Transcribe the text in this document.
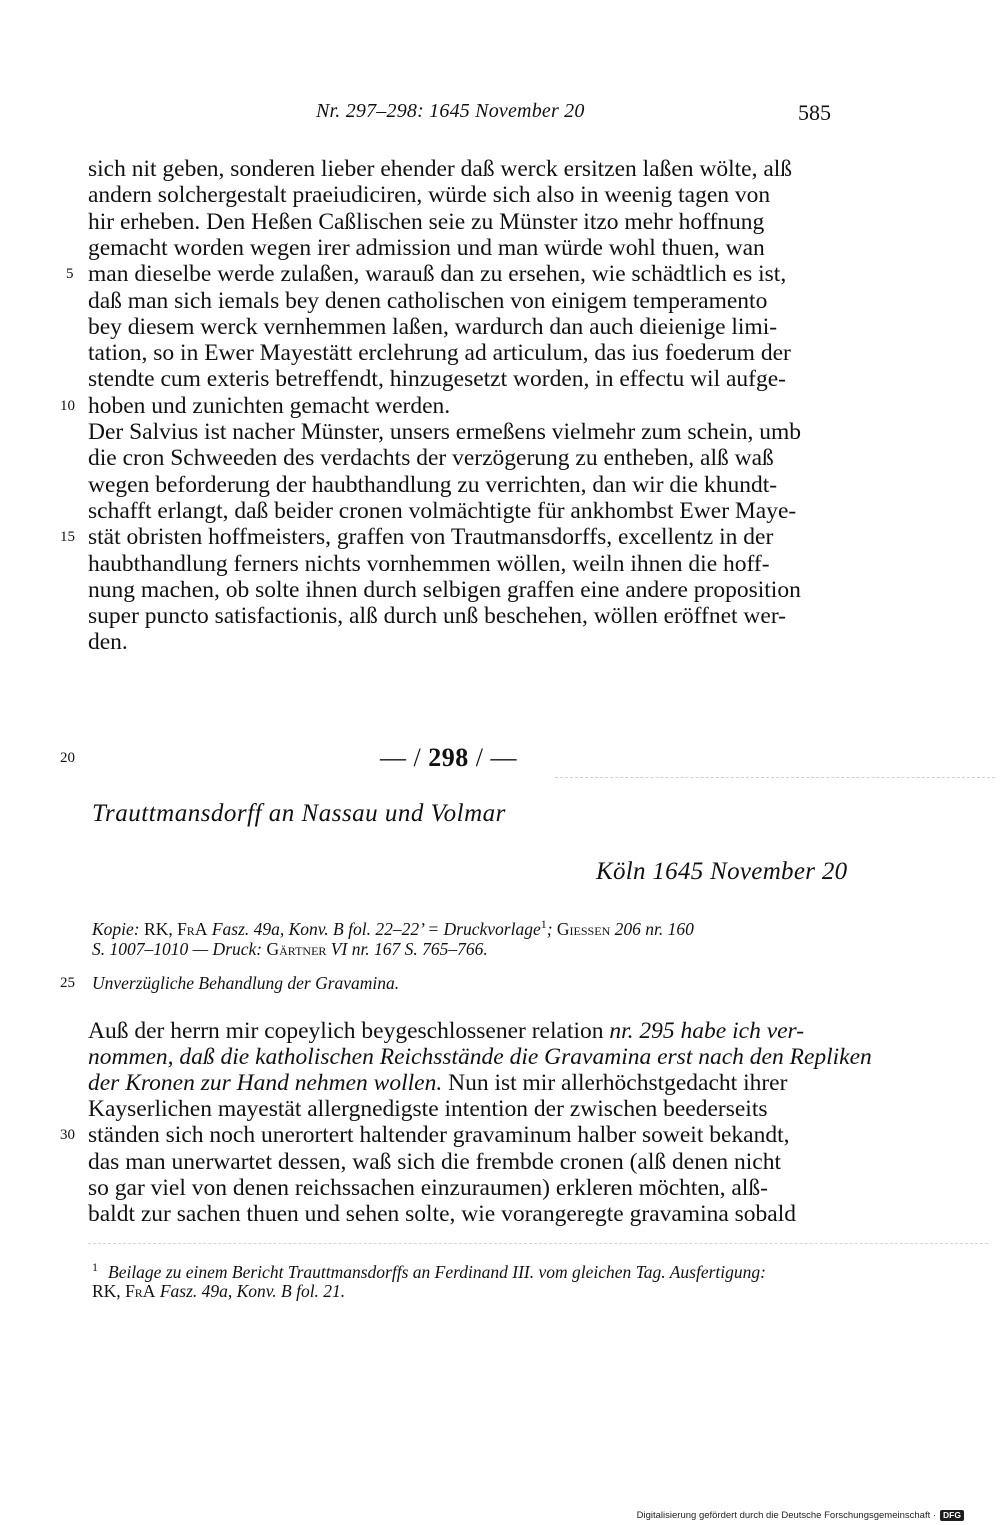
Nr. 297–298: 1645 November 20	585
sich nit geben, sonderen lieber ehender daß werck ersitzen laßen wölte, alß
andern solchergestalt praeiudiciren, würde sich also in weenig tagen von
hir erheben. Den Heßen Caßlischen seie zu Münster itzo mehr hoffnung
gemacht worden wegen irer admission und man würde wohl thuen, wan
man dieselbe werde zulaßen, warauß dan zu ersehen, wie schädtlich es ist,
5
daß man sich iemals bey denen catholischen von einigem temperamento
bey diesem werck vernhemmen laßen, wardurch dan auch dieienige limi-
tation, so in Ewer Mayestätt erclehrung ad articulum, das ius foederum der
stendte cum exteris betreffendt, hinzugesetzt worden, in effectu wil aufge-
hoben und zunichten gemacht werden.
10
Der Salvius ist nacher Münster, unsers ermeßens vielmehr zum schein, umb
die cron Schweeden des verdachts der verzögerung zu entheben, alß waß
wegen beforderung der haubthandlung zu verrichten, dan wir die khundt-
schafft erlangt, daß beider cronen volmächtigte für ankhombst Ewer Maye-
stät obristen hoffmeisters, graffen von Trautmansdorffs, excellentz in der
15
haubthandlung ferners nichts vornhemmen wöllen, weiln ihnen die hoff-
nung machen, ob solte ihnen durch selbigen graffen eine andere proposition
super puncto satisfactionis, alß durch unß beschehen, wöllen eröffnet wer-
den.
20	— / 298 / —
Trauttmansdorff an Nassau und Volmar
Köln 1645 November 20
Kopie: RK, FrA Fasz. 49a, Konv. B fol. 22–22’ = Druckvorlage$^1$; Giessen 206 nr. 160
S. 1007–1010 — Druck: Gärtner VI nr. 167 S. 765–766.
25 Unverzügliche Behandlung der Gravamina.
Auß der herrn mir copeylich beygeschlossener relation nr. 295 habe ich ver-
nommen, daß die katholischen Reichsstände die Gravamina erst nach den Repliken
der Kronen zur Hand nehmen wollen. Nun ist mir allerhöchstgedacht ihrer
Kayserlichen mayestät allergnedigste intention der zwischen beederseits
ständen sich noch unerortert haltender gravaminum halber soweit bekandt,
30
das man unerwartet dessen, waß sich die frembde cronen (alß denen nicht
so gar viel von denen reichssachen einzuraumen) erkleren möchten, alß-
baldt zur sachen thuen und sehen solte, wie vorangeregte gravamina sobald
$^1$ Beilage zu einem Bericht Trauttmansdorffs an Ferdinand III. vom gleichen Tag. Ausfertigung:
RK, FrA Fasz. 49a, Konv. B fol. 21.
Digitalisierung gefördert durch die Deutsche Forschungsgemeinschaft · DFG
